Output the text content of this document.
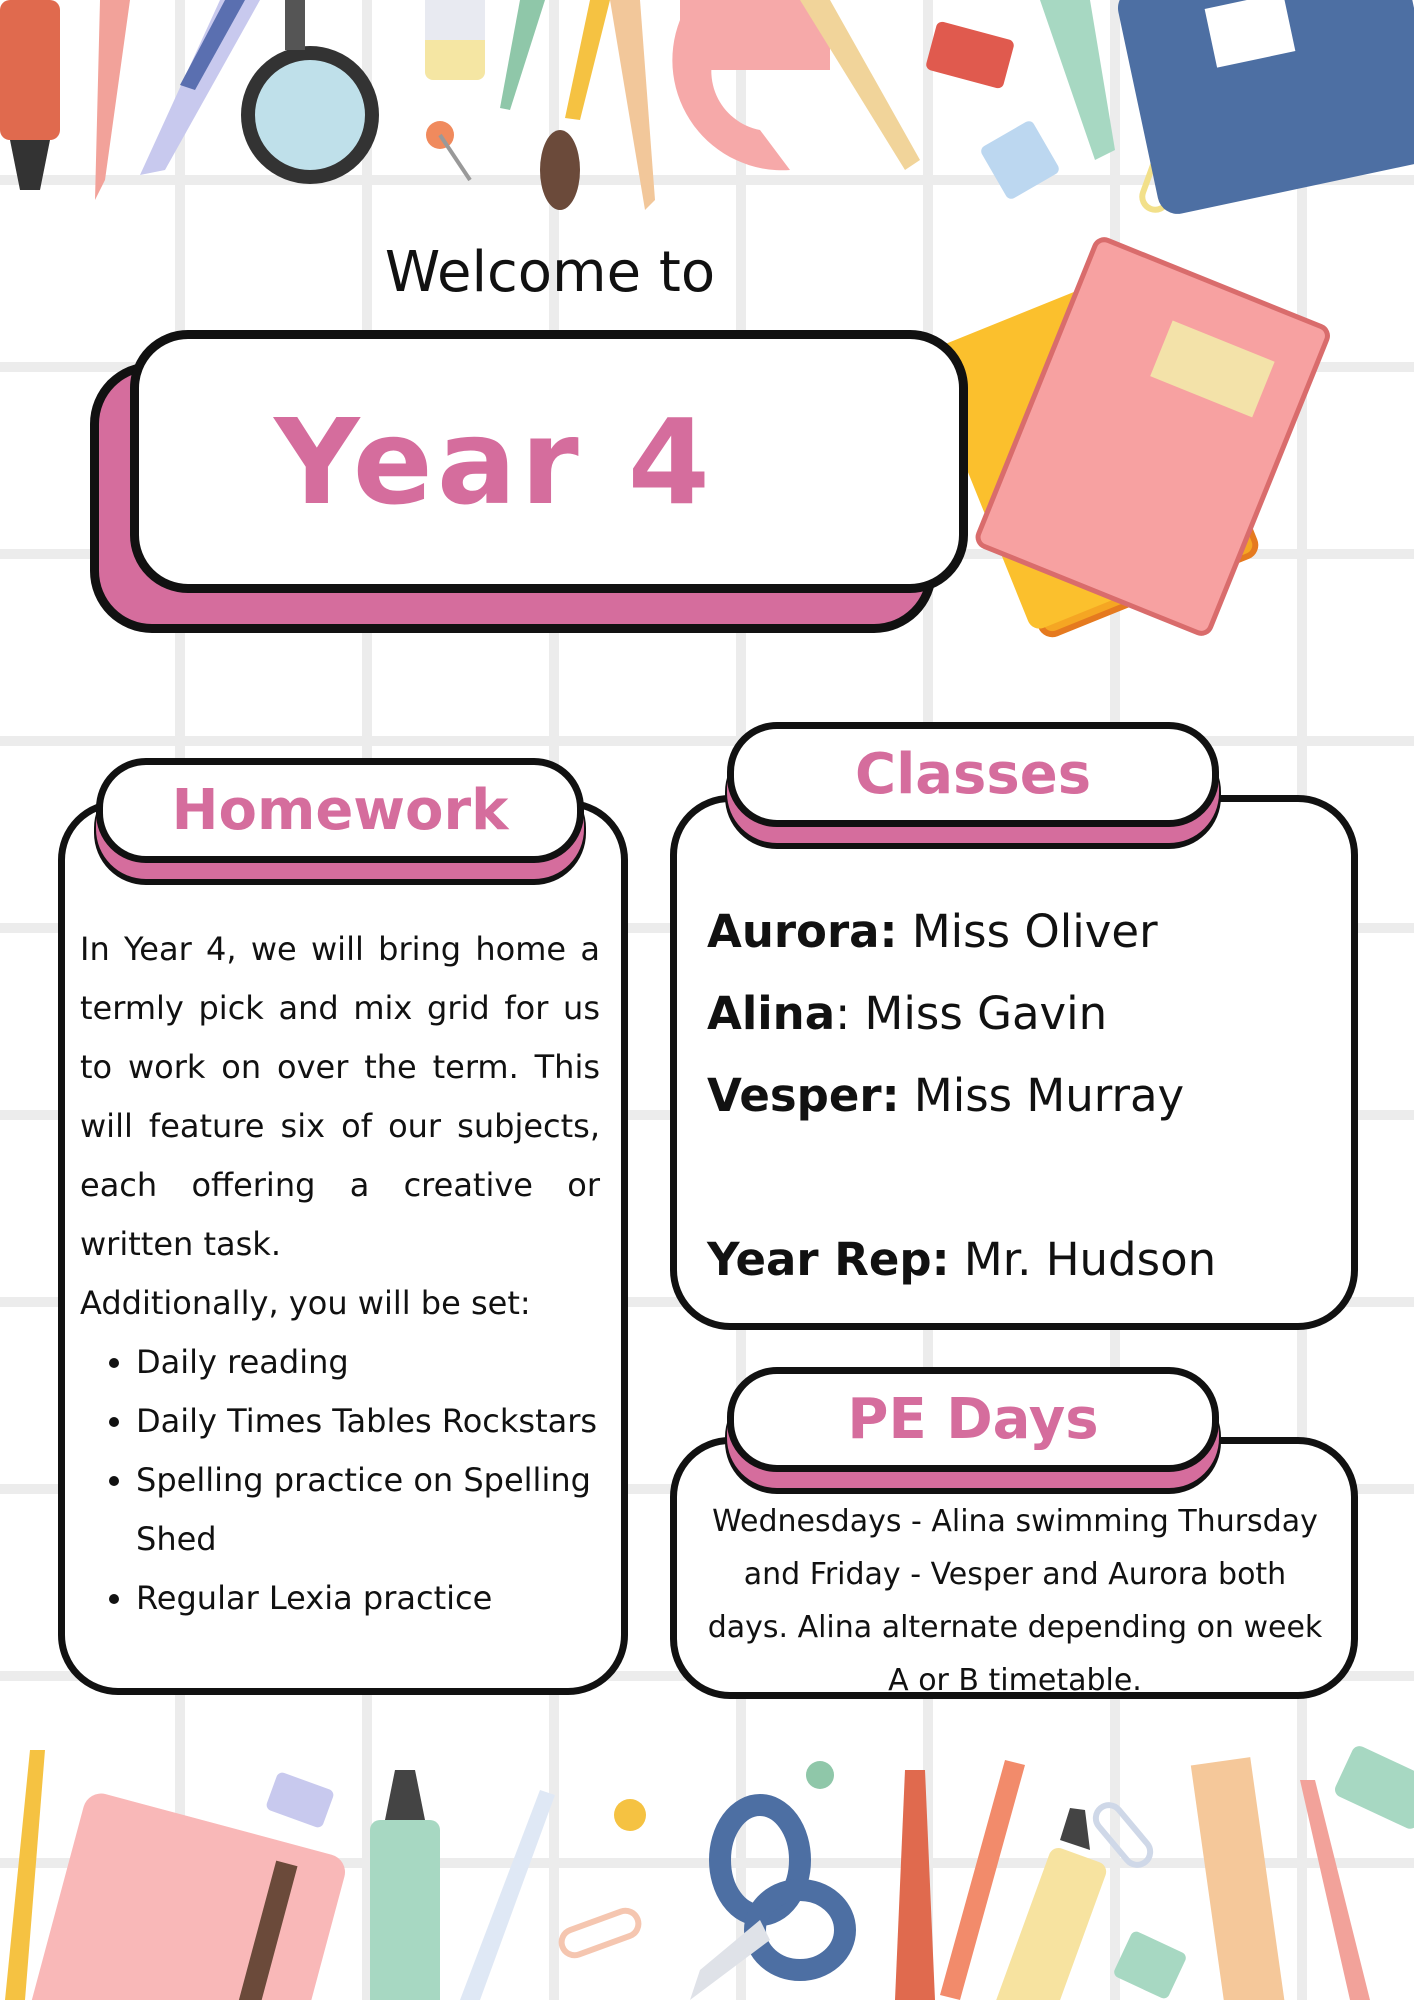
Welcome to
Year 4
Homework
In Year 4, we will bring home a termly pick and mix grid for us to work on over the term. This will feature six of our subjects, each offering a creative or written task.
Additionally, you will be set:
• Daily reading
• Daily Times Tables Rockstars
• Spelling practice on Spelling Shed
• Regular Lexia practice
Classes
Aurora: Miss Oliver
Alina: Miss Gavin
Vesper: Miss Murray
Year Rep: Mr. Hudson
PE Days
Wednesdays - Alina swimming Thursday and Friday - Vesper and Aurora both days. Alina alternate depending on week A or B timetable.
